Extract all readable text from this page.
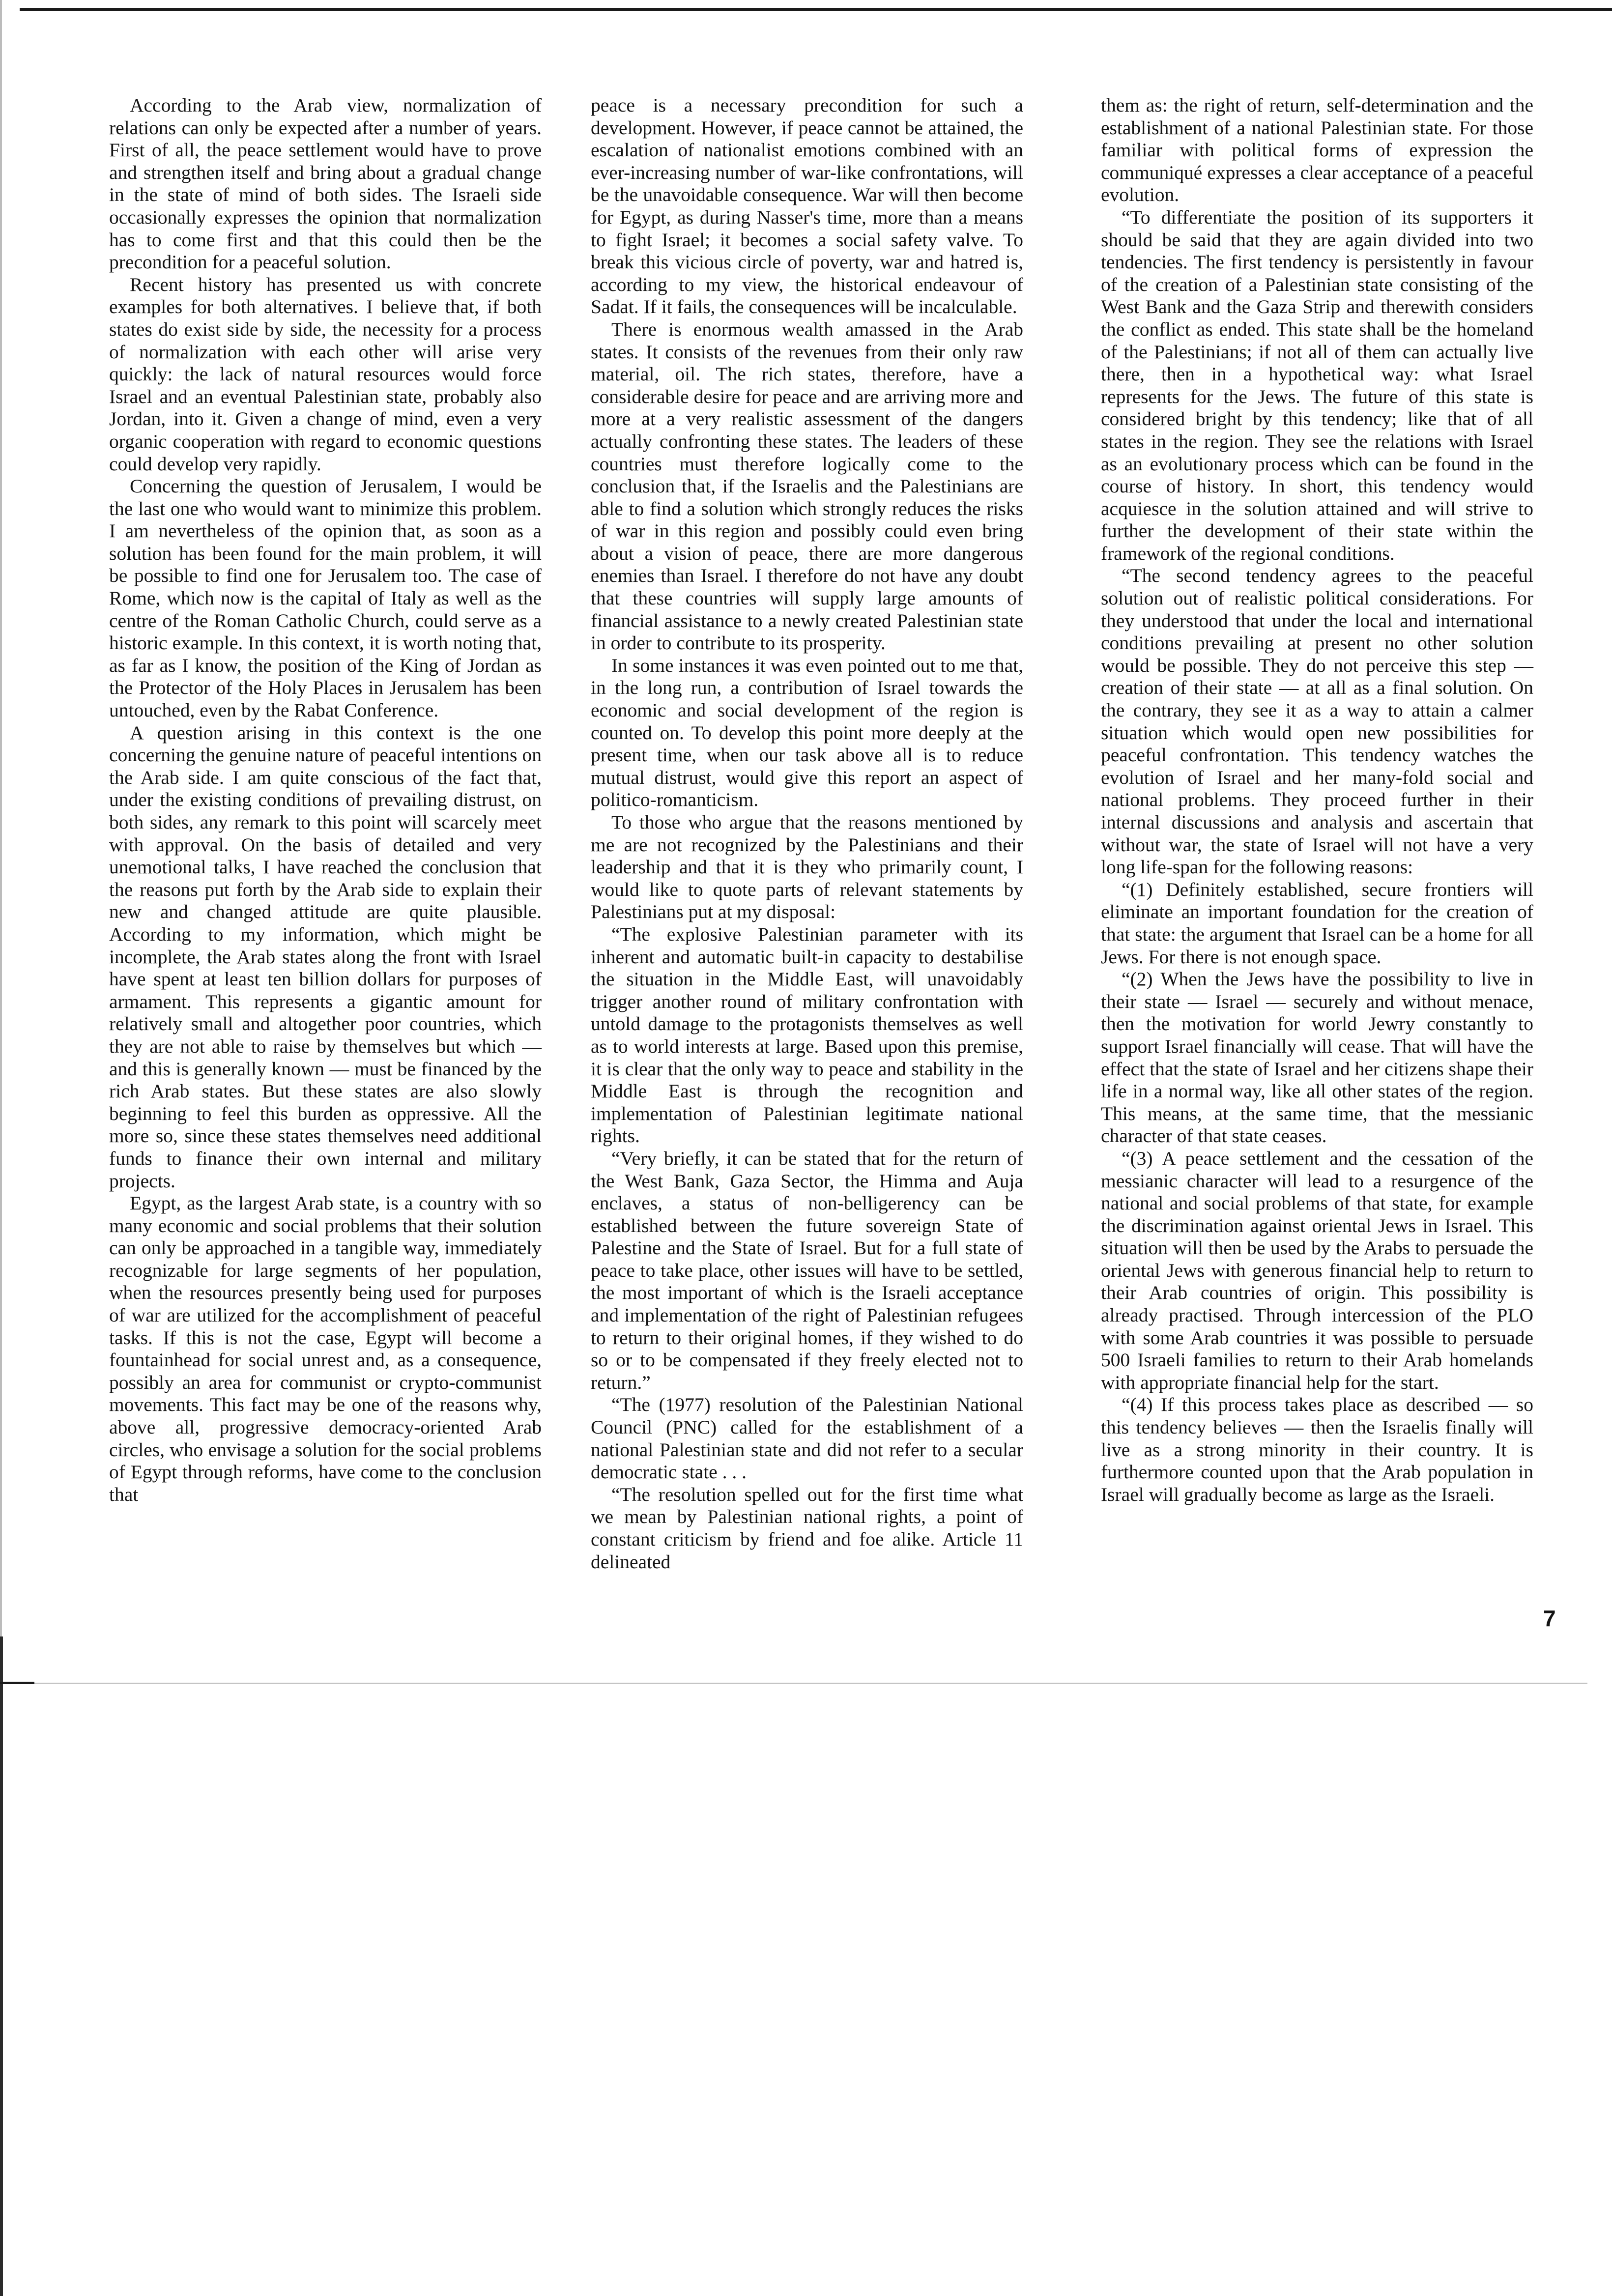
According to the Arab view, normalization of relations can only be expected after a number of years. First of all, the peace settlement would have to prove and strengthen itself and bring about a gradual change in the state of mind of both sides. The Israeli side occasionally expresses the opinion that normalization has to come first and that this could then be the precondition for a peaceful solution.

Recent history has presented us with concrete examples for both alternatives. I believe that, if both states do exist side by side, the necessity for a process of normalization with each other will arise very quickly: the lack of natural resources would force Israel and an eventual Palestinian state, probably also Jordan, into it. Given a change of mind, even a very organic cooperation with regard to economic questions could develop very rapidly.

Concerning the question of Jerusalem, I would be the last one who would want to minimize this problem. I am nevertheless of the opinion that, as soon as a solution has been found for the main problem, it will be possible to find one for Jerusalem too. The case of Rome, which now is the capital of Italy as well as the centre of the Roman Catholic Church, could serve as a historic example. In this context, it is worth noting that, as far as I know, the position of the King of Jordan as the Protector of the Holy Places in Jerusalem has been untouched, even by the Rabat Conference.

A question arising in this context is the one concerning the genuine nature of peaceful intentions on the Arab side. I am quite conscious of the fact that, under the existing conditions of prevailing distrust, on both sides, any remark to this point will scarcely meet with approval. On the basis of detailed and very unemotional talks, I have reached the conclusion that the reasons put forth by the Arab side to explain their new and changed attitude are quite plausible. According to my information, which might be incomplete, the Arab states along the front with Israel have spent at least ten billion dollars for purposes of armament. This represents a gigantic amount for relatively small and altogether poor countries, which they are not able to raise by themselves but which — and this is generally known — must be financed by the rich Arab states. But these states are also slowly beginning to feel this burden as oppressive. All the more so, since these states themselves need additional funds to finance their own internal and military projects.

Egypt, as the largest Arab state, is a country with so many economic and social problems that their solution can only be approached in a tangible way, immediately recognizable for large segments of her population, when the resources presently being used for purposes of war are utilized for the accomplishment of peaceful tasks. If this is not the case, Egypt will become a fountainhead for social unrest and, as a consequence, possibly an area for communist or crypto-communist movements. This fact may be one of the reasons why, above all, progressive democracy-oriented Arab circles, who envisage a solution for the social problems of Egypt through reforms, have come to the conclusion that

peace is a necessary precondition for such a development. However, if peace cannot be attained, the escalation of nationalist emotions combined with an ever-increasing number of war-like confrontations, will be the unavoidable consequence. War will then become for Egypt, as during Nasser's time, more than a means to fight Israel; it becomes a social safety valve. To break this vicious circle of poverty, war and hatred is, according to my view, the historical endeavour of Sadat. If it fails, the consequences will be incalculable.

There is enormous wealth amassed in the Arab states. It consists of the revenues from their only raw material, oil. The rich states, therefore, have a considerable desire for peace and are arriving more and more at a very realistic assessment of the dangers actually confronting these states. The leaders of these countries must therefore logically come to the conclusion that, if the Israelis and the Palestinians are able to find a solution which strongly reduces the risks of war in this region and possibly could even bring about a vision of peace, there are more dangerous enemies than Israel. I therefore do not have any doubt that these countries will supply large amounts of financial assistance to a newly created Palestinian state in order to contribute to its prosperity.

In some instances it was even pointed out to me that, in the long run, a contribution of Israel towards the economic and social development of the region is counted on. To develop this point more deeply at the present time, when our task above all is to reduce mutual distrust, would give this report an aspect of politico-romanticism.

To those who argue that the reasons mentioned by me are not recognized by the Palestinians and their leadership and that it is they who primarily count, I would like to quote parts of relevant statements by Palestinians put at my disposal:

“The explosive Palestinian parameter with its inherent and automatic built-in capacity to destabilise the situation in the Middle East, will unavoidably trigger another round of military confrontation with untold damage to the protagonists themselves as well as to world interests at large. Based upon this premise, it is clear that the only way to peace and stability in the Middle East is through the recognition and implementation of Palestinian legitimate national rights.

“Very briefly, it can be stated that for the return of the West Bank, Gaza Sector, the Himma and Auja enclaves, a status of non-belligerency can be established between the future sovereign State of Palestine and the State of Israel. But for a full state of peace to take place, other issues will have to be settled, the most important of which is the Israeli acceptance and implementation of the right of Palestinian refugees to return to their original homes, if they wished to do so or to be compensated if they freely elected not to return.”

“The (1977) resolution of the Palestinian National Council (PNC) called for the establishment of a national Palestinian state and did not refer to a secular democratic state . . .

“The resolution spelled out for the first time what we mean by Palestinian national rights, a point of constant criticism by friend and foe alike. Article 11 delineated

them as: the right of return, self-determination and the establishment of a national Palestinian state. For those familiar with political forms of expression the communiqué expresses a clear acceptance of a peaceful evolution.

“To differentiate the position of its supporters it should be said that they are again divided into two tendencies. The first tendency is persistently in favour of the creation of a Palestinian state consisting of the West Bank and the Gaza Strip and therewith considers the conflict as ended. This state shall be the homeland of the Palestinians; if not all of them can actually live there, then in a hypothetical way: what Israel represents for the Jews. The future of this state is considered bright by this tendency; like that of all states in the region. They see the relations with Israel as an evolutionary process which can be found in the course of history. In short, this tendency would acquiesce in the solution attained and will strive to further the development of their state within the framework of the regional conditions.

“The second tendency agrees to the peaceful solution out of realistic political considerations. For they understood that under the local and international conditions prevailing at present no other solution would be possible. They do not perceive this step — creation of their state — at all as a final solution. On the contrary, they see it as a way to attain a calmer situation which would open new possibilities for peaceful confrontation. This tendency watches the evolution of Israel and her many-fold social and national problems. They proceed further in their internal discussions and analysis and ascertain that without war, the state of Israel will not have a very long life-span for the following reasons:

“(1) Definitely established, secure frontiers will eliminate an important foundation for the creation of that state: the argument that Israel can be a home for all Jews. For there is not enough space.

“(2) When the Jews have the possibility to live in their state — Israel — securely and without menace, then the motivation for world Jewry constantly to support Israel financially will cease. That will have the effect that the state of Israel and her citizens shape their life in a normal way, like all other states of the region. This means, at the same time, that the messianic character of that state ceases.

“(3) A peace settlement and the cessation of the messianic character will lead to a resurgence of the national and social problems of that state, for example the discrimination against oriental Jews in Israel. This situation will then be used by the Arabs to persuade the oriental Jews with generous financial help to return to their Arab countries of origin. This possibility is already practised. Through intercession of the PLO with some Arab countries it was possible to persuade 500 Israeli families to return to their Arab homelands with appropriate financial help for the start.

“(4) If this process takes place as described — so this tendency believes — then the Israelis finally will live as a strong minority in their country. It is furthermore counted upon that the Arab population in Israel will gradually become as large as the Israeli.

7
